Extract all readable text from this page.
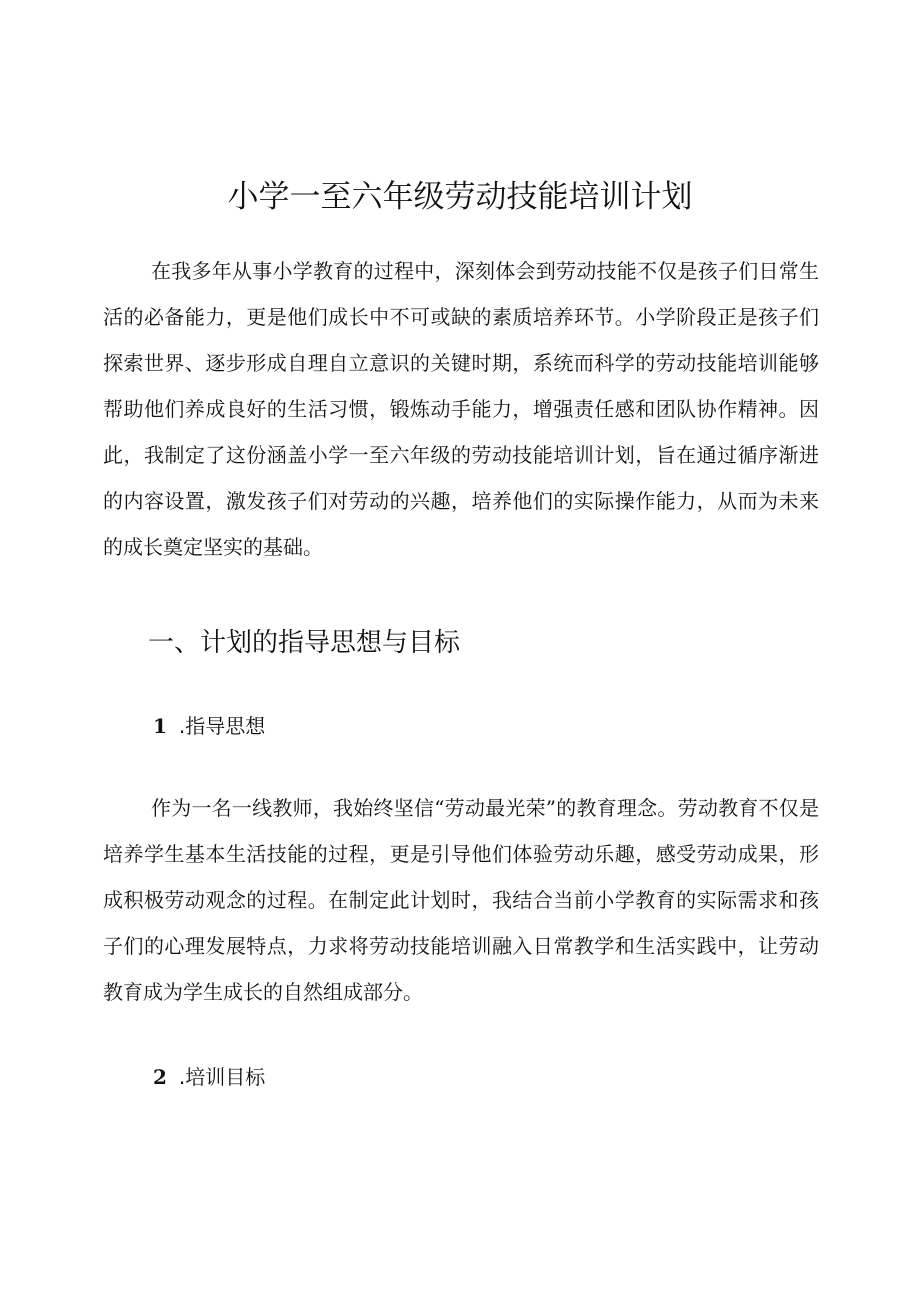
小学一至六年级劳动技能培训计划

在我多年从事小学教育的过程中，深刻体会到劳动技能不仅是孩子们日常生活的必备能力，更是他们成长中不可或缺的素质培养环节。小学阶段正是孩子们探索世界、逐步形成自理自立意识的关键时期，系统而科学的劳动技能培训能够帮助他们养成良好的生活习惯，锻炼动手能力，增强责任感和团队协作精神。因此，我制定了这份涵盖小学一至六年级的劳动技能培训计划，旨在通过循序渐进的内容设置，激发孩子们对劳动的兴趣，培养他们的实际操作能力，从而为未来的成长奠定坚实的基础。

一、计划的指导思想与目标
1 .指导思想

作为一名一线教师，我始终坚信“劳动最光荣”的教育理念。劳动教育不仅是培养学生基本生活技能的过程，更是引导他们体验劳动乐趣，感受劳动成果，形成积极劳动观念的过程。在制定此计划时，我结合当前小学教育的实际需求和孩子们的心理发展特点，力求将劳动技能培训融入日常教学和生活实践中，让劳动教育成为学生成长的自然组成部分。

2 .培训目标
